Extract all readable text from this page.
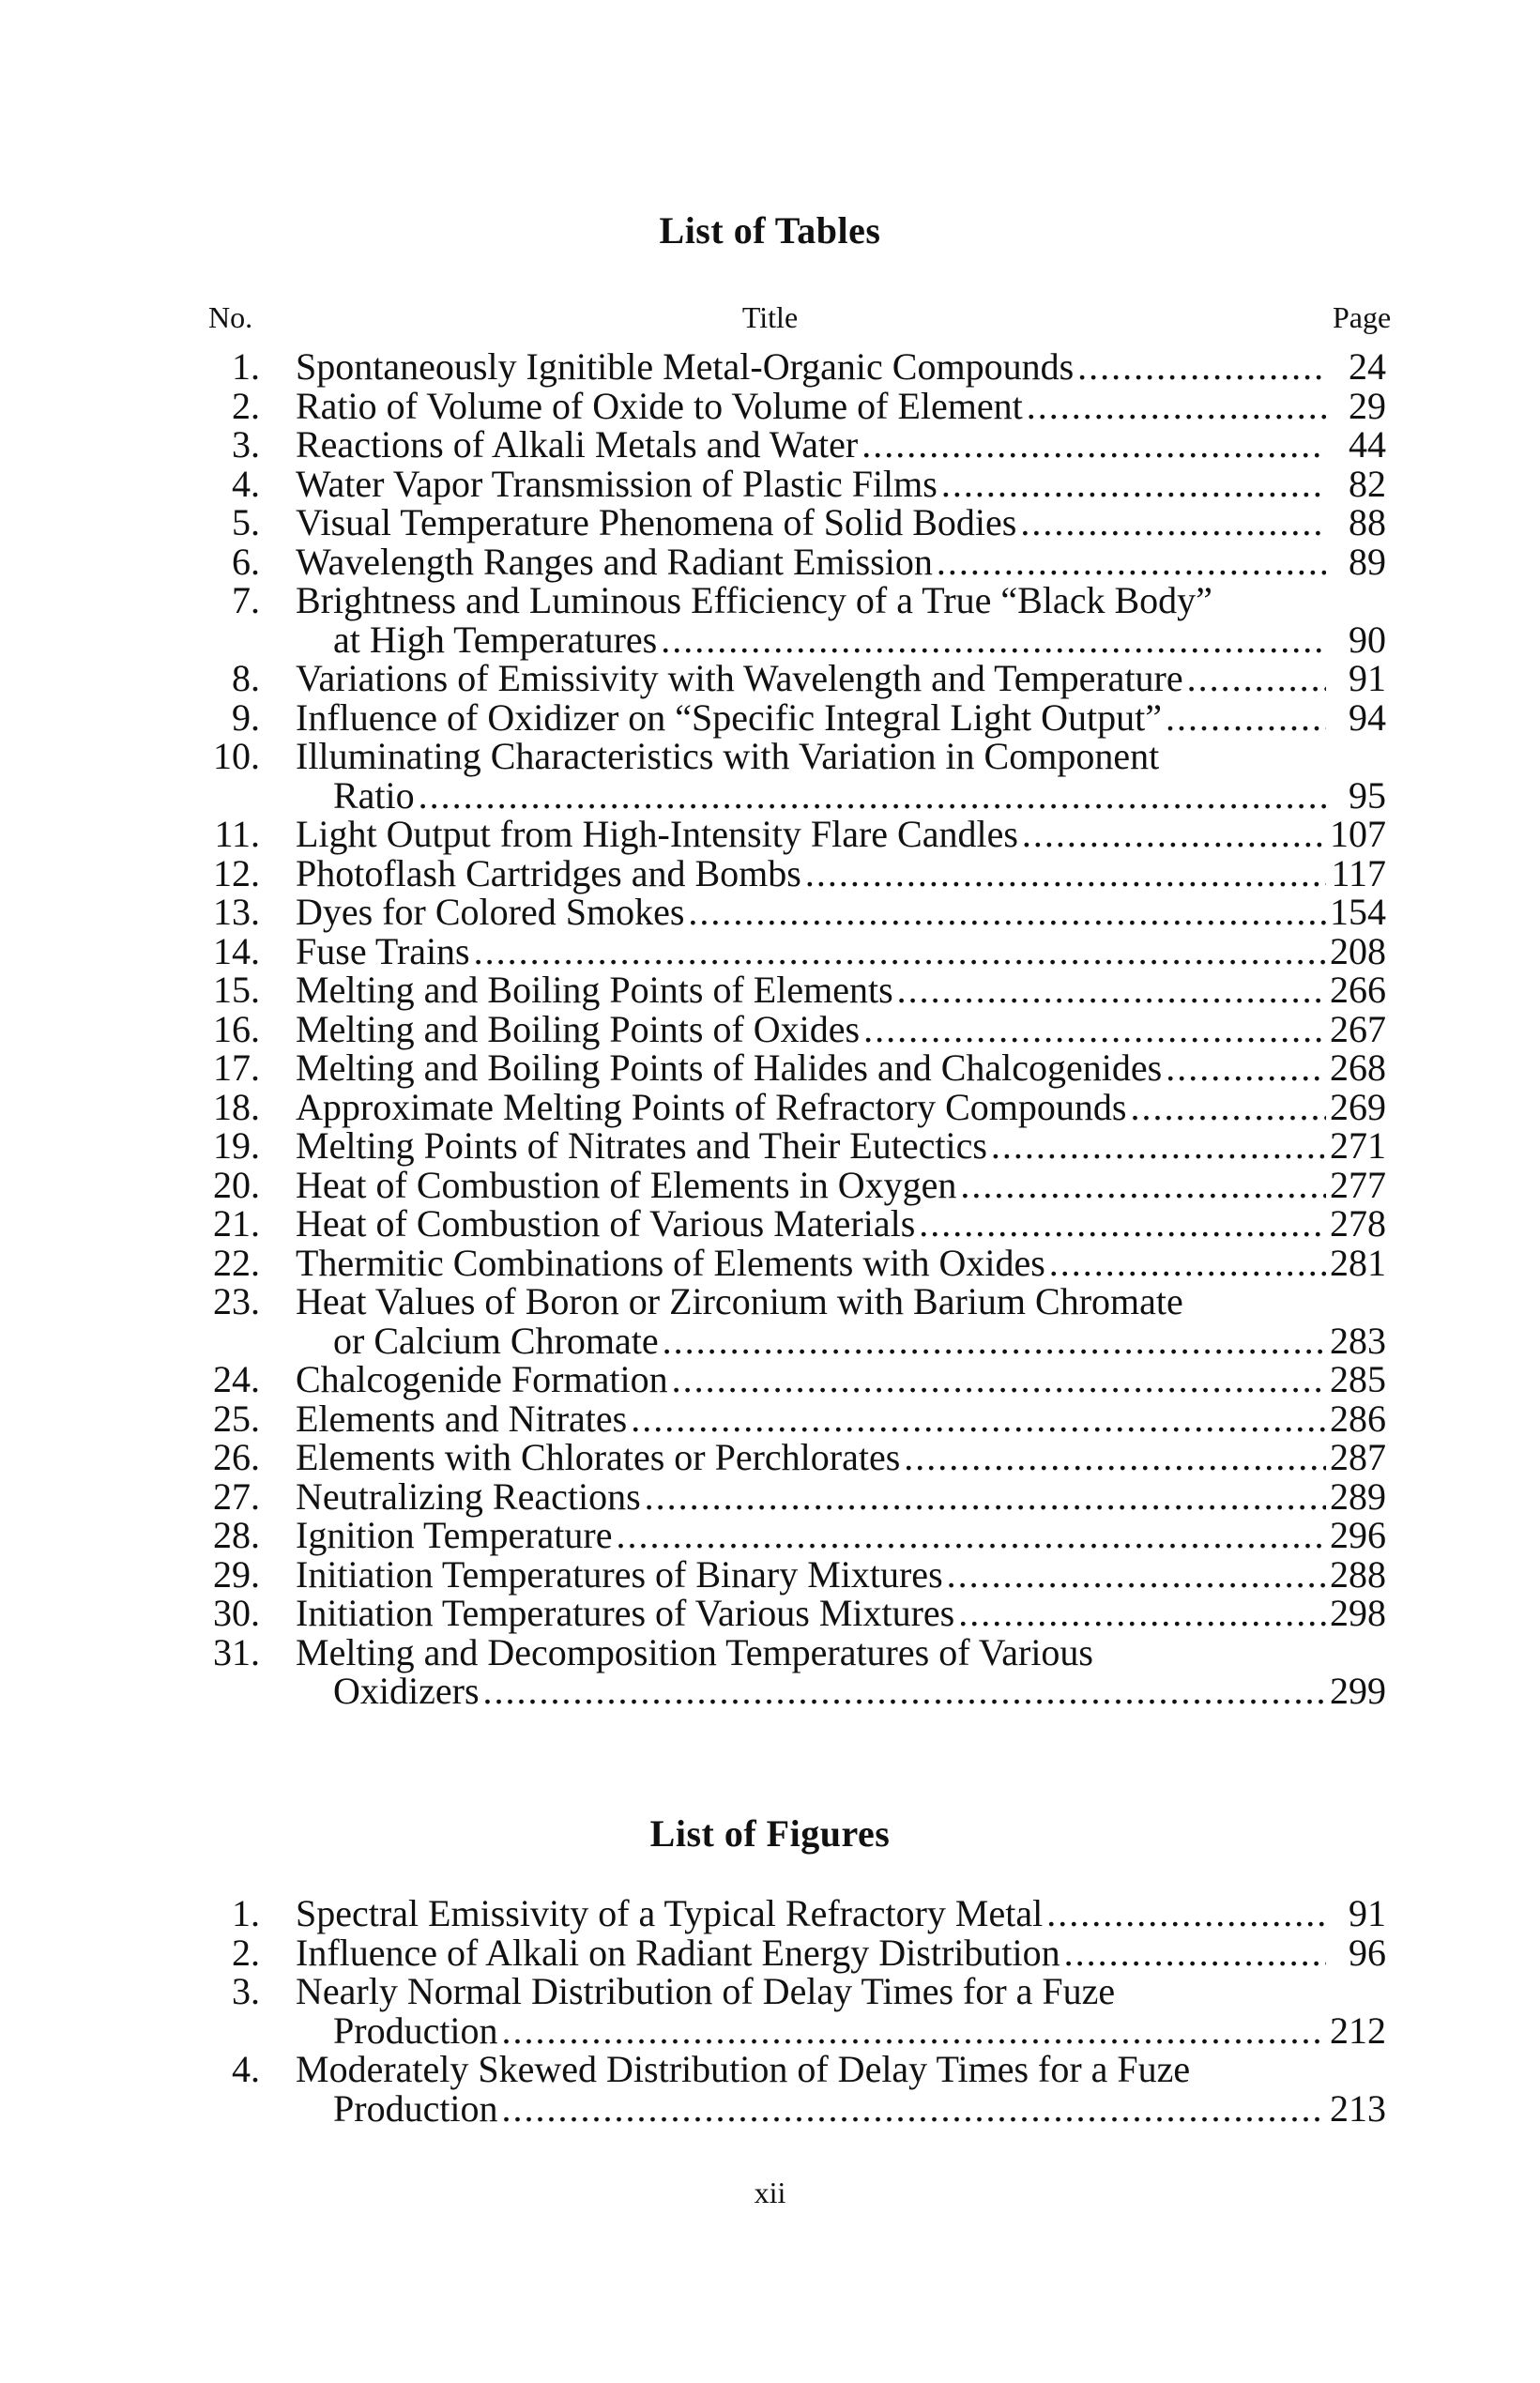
List of Tables
No.	Title	Page
1. Spontaneously Ignitible Metal-Organic Compounds . . .	24
2. Ratio of Volume of Oxide to Volume of Element . . .	29
3. Reactions of Alkali Metals and Water . . .	44
4. Water Vapor Transmission of Plastic Films . . .	82
5. Visual Temperature Phenomena of Solid Bodies . . .	88
6. Wavelength Ranges and Radiant Emission . . .	89
7. Brightness and Luminous Efficiency of a True “Black Body”
at High Temperatures . . .	90
8. Variations of Emissivity with Wavelength and Temperature . . .	91
9. Influence of Oxidizer on “Specific Integral Light Output” . . .	94
10. Illuminating Characteristics with Variation in Component
Ratio . . .	95
11. Light Output from High-Intensity Flare Candles . . .	107
12. Photoflash Cartridges and Bombs . . .	117
13. Dyes for Colored Smokes . . .	154
14. Fuse Trains . . .	208
15. Melting and Boiling Points of Elements . . .	266
16. Melting and Boiling Points of Oxides . . .	267
17. Melting and Boiling Points of Halides and Chalcogenides . . .	268
18. Approximate Melting Points of Refractory Compounds . . .	269
19. Melting Points of Nitrates and Their Eutectics . . .	271
20. Heat of Combustion of Elements in Oxygen . . .	277
21. Heat of Combustion of Various Materials . . .	278
22. Thermitic Combinations of Elements with Oxides . . .	281
23. Heat Values of Boron or Zirconium with Barium Chromate
or Calcium Chromate . . .	283
24. Chalcogenide Formation . . .	285
25. Elements and Nitrates . . .	286
26. Elements with Chlorates or Perchlorates . . .	287
27. Neutralizing Reactions . . .	289
28. Ignition Temperature . . .	296
29. Initiation Temperatures of Binary Mixtures . . .	288
30. Initiation Temperatures of Various Mixtures . . .	298
31. Melting and Decomposition Temperatures of Various
Oxidizers . . .	299
List of Figures
1. Spectral Emissivity of a Typical Refractory Metal . . .	91
2. Influence of Alkali on Radiant Energy Distribution . . .	96
3. Nearly Normal Distribution of Delay Times for a Fuze
Production . . .	212
4. Moderately Skewed Distribution of Delay Times for a Fuze
Production . . .	213
xii
